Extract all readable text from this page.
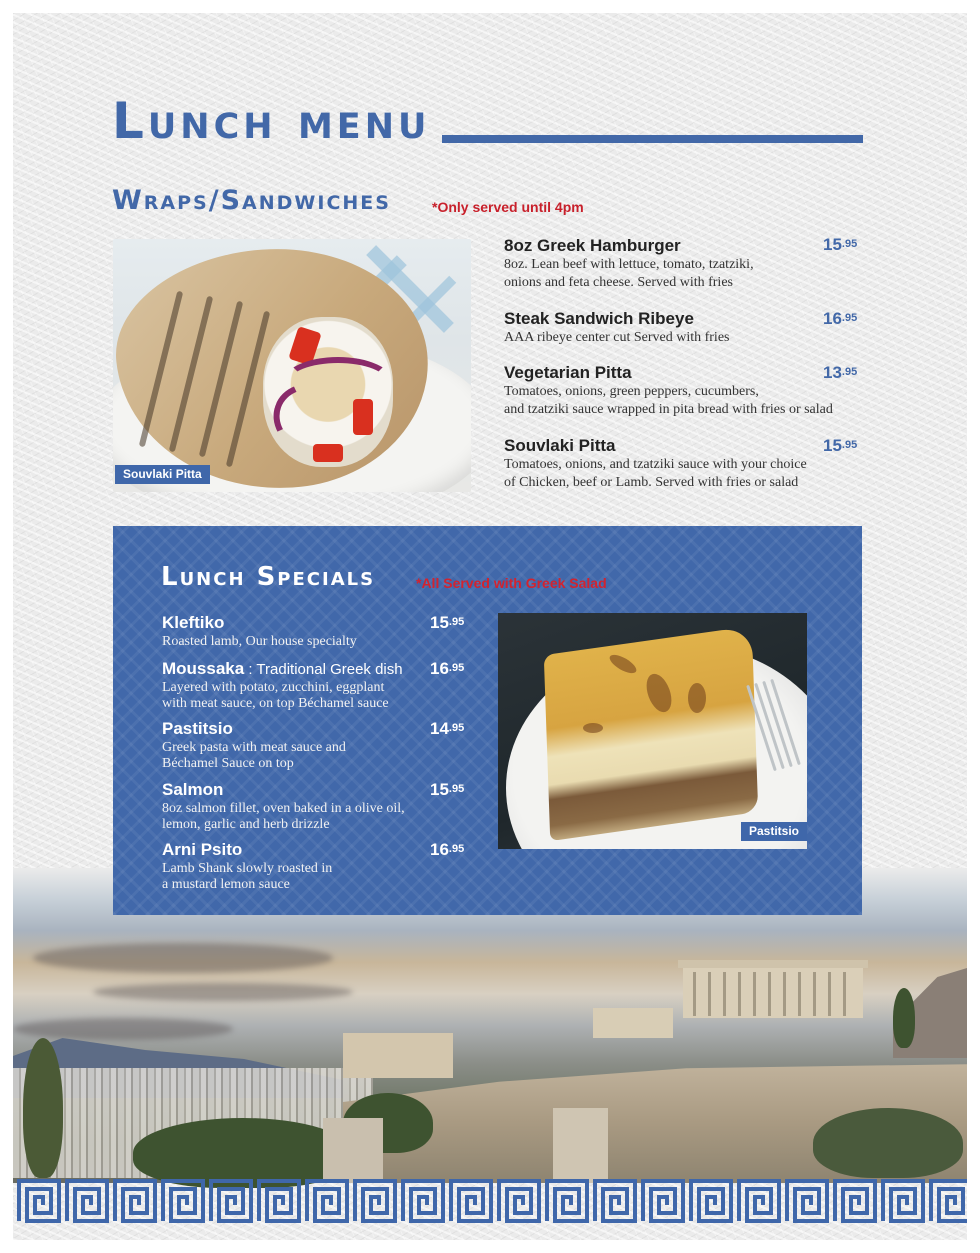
Lunch menu
Wraps/Sandwiches	*Only served until 4pm
Souvlaki Pitta
8oz Greek Hamburger
8oz. Lean beef with lettuce, tomato, tzatziki,
onions and feta cheese. Served with fries
$15^{.95}$
Steak Sandwich Ribeye
AAA ribeye center cut Served with fries
$16^{.95}$
Vegetarian Pitta
Tomatoes, onions, green peppers, cucumbers,
and tzatziki sauce wrapped in pita bread with fries or salad
$13^{.95}$
Souvlaki Pitta
Tomatoes, onions, and tzatziki sauce with your choice
of Chicken, beef or Lamb. Served with fries or salad
$15^{.95}$
Lunch Specials	*All Served with Greek Salad
Kleftiko
Roasted lamb, Our house specialty
$15^{.95}$
Moussaka : Traditional Greek dish
Layered with potato, zucchini, eggplant
with meat sauce, on top Béchamel sauce
$16^{.95}$
Pastitsio
Greek pasta with meat sauce and
Béchamel Sauce on top
$14^{.95}$
Salmon
8oz salmon fillet, oven baked in a olive oil,
lemon, garlic and herb drizzle
$15^{.95}$
Arni Psito
Lamb Shank slowly roasted in
a mustard lemon sauce
$16^{.95}$
Pastitsio
